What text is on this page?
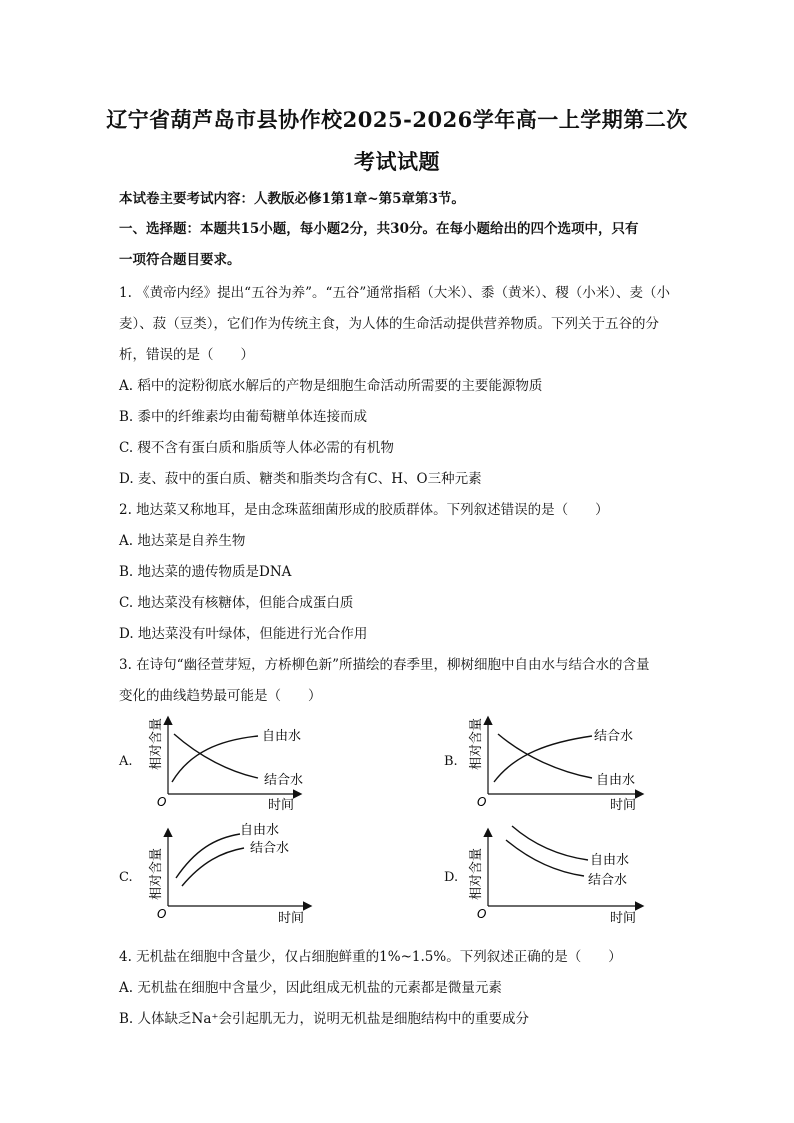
辽宁省葫芦岛市县协作校2025-2026学年高一上学期第二次
考试试题
本试卷主要考试内容：人教版必修1第1章~第5章第3节。
一、选择题：本题共15小题，每小题2分，共30分。在每小题给出的四个选项中，只有
一项符合题目要求。
1. 《黄帝内经》提出“五谷为养”。“五谷”通常指稻（大米）、黍（黄米）、稷（小米）、麦（小
麦）、菽（豆类），它们作为传统主食，为人体的生命活动提供营养物质。下列关于五谷的分
析，错误的是（　　）
A. 稻中的淀粉彻底水解后的产物是细胞生命活动所需要的主要能源物质
B. 黍中的纤维素均由葡萄糖单体连接而成
C. 稷不含有蛋白质和脂质等人体必需的有机物
D. 麦、菽中的蛋白质、糖类和脂类均含有C、H、O三种元素
2. 地达菜又称地耳，是由念珠蓝细菌形成的胶质群体。下列叙述错误的是（　　）
A. 地达菜是自养生物
B. 地达菜的遗传物质是DNA
C. 地达菜没有核糖体，但能合成蛋白质
D. 地达菜没有叶绿体，但能进行光合作用
3. 在诗句“幽径萱芽短，方桥柳色新”所描绘的春季里，柳树细胞中自由水与结合水的含量
变化的曲线趋势最可能是（　　）
A. 相对含量
O	时间
自由水
结合水
B. 相对含量
O	时间
结合水
自由水
C. 相对含量
O	时间
自由水
结合水
D. 相对含量
O	时间
自由水
结合水
4. 无机盐在细胞中含量少，仅占细胞鲜重的1%~1.5%。下列叙述正确的是（　　）
A. 无机盐在细胞中含量少，因此组成无机盐的元素都是微量元素
B. 人体缺乏Na⁺会引起肌无力，说明无机盐是细胞结构中的重要成分
